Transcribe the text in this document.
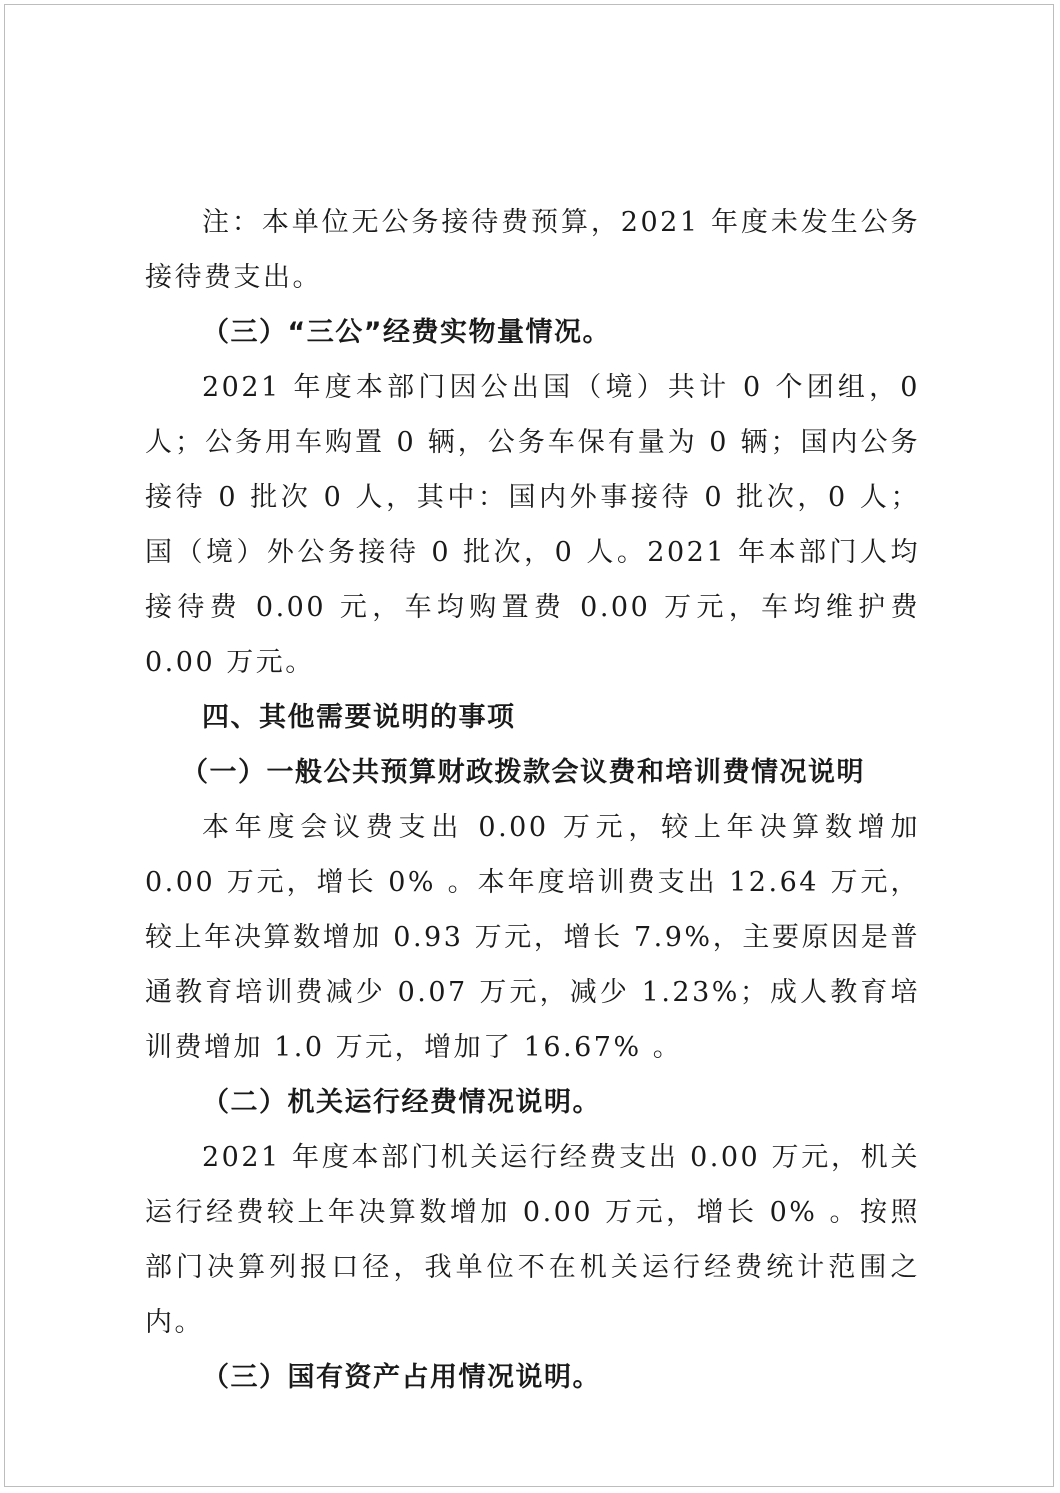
注：本单位无公务接待费预算，2021 年度未发生公务接待费支出。

（三）“三公”经费实物量情况。

2021 年度本部门因公出国（境）共计 0 个团组，0 人；公务用车购置 0 辆，公务车保有量为 0 辆；国内公务接待 0 批次 0 人，其中：国内外事接待 0 批次，0 人；国（境）外公务接待 0 批次，0 人。2021 年本部门人均接待费 0.00 元，车均购置费 0.00 万元，车均维护费 0.00 万元。

四、其他需要说明的事项

（一）一般公共预算财政拨款会议费和培训费情况说明

本年度会议费支出 0.00 万元，较上年决算数增加 0.00 万元，增长 0% 。本年度培训费支出 12.64 万元，较上年决算数增加 0.93 万元，增长 7.9%，主要原因是普通教育培训费减少 0.07 万元，减少 1.23%；成人教育培训费增加 1.0 万元，增加了 16.67% 。

（二）机关运行经费情况说明。

2021 年度本部门机关运行经费支出 0.00 万元，机关运行经费较上年决算数增加 0.00 万元，增长 0% 。按照部门决算列报口径，我单位不在机关运行经费统计范围之内。

（三）国有资产占用情况说明。
